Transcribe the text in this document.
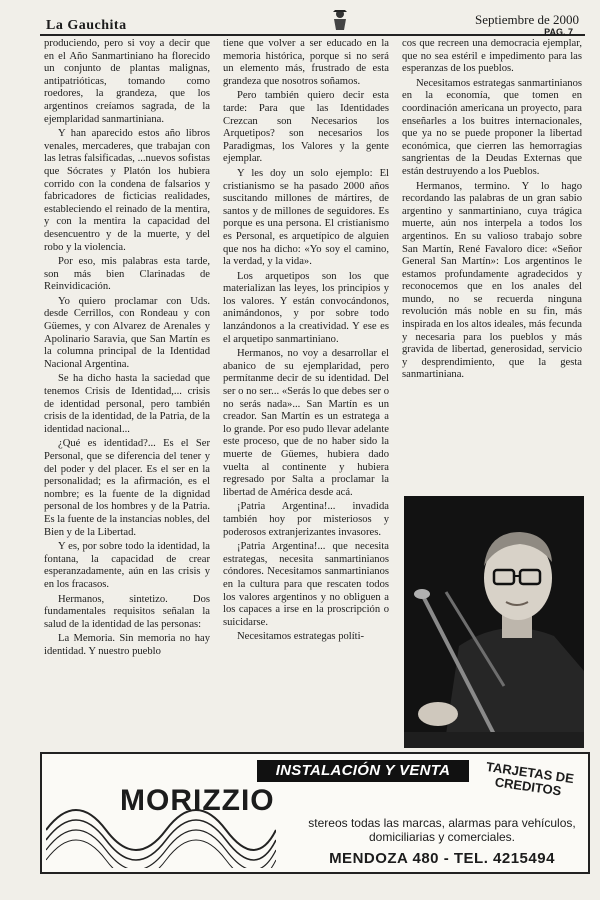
La Gauchita	Septiembre de 2000
PAG. 7

produciendo, pero si voy a decir que en el Año Sanmartiniano ha florecido un conjunto de plantas malignas, antipatrióticas, tomando como roedores, la grandeza, que los argentinos creíamos sagrada, de la ejemplaridad sanmartiniana.

Y han aparecido estos año libros venales, mercaderes, que trabajan con las letras falsificadas, ...nuevos sofistas que Sócrates y Platón los hubiera corrido con la condena de falsarios y fabricadores de ficticias realidades, estableciendo el reinado de la mentira, y con la mentira la capacidad del desencuentro y de la muerte, y del robo y la violencia.

Por eso, mis palabras esta tarde, son más bien Clarinadas de Reinvidicación.

Yo quiero proclamar con Uds. desde Cerrillos, con Rondeau y con Güemes, y con Alvarez de Arenales y Apolinario Saravia, que San Martín es la columna principal de la Identidad Nacional Argentina.

Se ha dicho hasta la saciedad que tenemos Crisis de Identidad,... crisis de identidad personal, pero también crisis de la identidad, de la Patria, de la identidad nacional...

¿Qué es identidad?... Es el Ser Personal, que se diferencia del tener y del poder y del placer. Es el ser en la personalidad; es la afirmación, es el nombre; es la fuente de la dignidad personal de los hombres y de la Patria. Es la fuente de la instancias nobles, del Bien y de la Libertad.

Y es, por sobre todo la identidad, la fontana, la capacidad de crear esperanzadamente, aún en las crisis y en los fracasos.

Hermanos, sintetizo. Dos fundamentales requisitos señalan la salud de la identidad de las personas:

La Memoria. Sin memoria no hay identidad. Y nuestro pueblo

tiene que volver a ser educado en la memoria histórica, porque si no será un elemento más, frustrado de esta grandeza que nosotros soñamos.

Pero también quiero decir esta tarde: Para que las Identidades Crezcan son Necesarios los Arquetipos? son necesarios los Paradigmas, los Valores y la gente ejemplar.

Y les doy un solo ejemplo: El cristianismo se ha pasado 2000 años suscitando millones de mártires, de santos y de millones de seguidores. Es porque es una persona. El cristianismo es Personal, es arquetípico de alguien que nos ha dicho: «Yo soy el camino, la verdad, y la vida».

Los arquetipos son los que materializan las leyes, los principios y los valores. Y están convocándonos, animándonos, y por sobre todo lanzándonos a la creatividad. Y ese es el arquetipo sanmartiniano.

Hermanos, no voy a desarrollar el abanico de su ejemplaridad, pero permítanme decir de su identidad. Del ser o no ser... «Serás lo que debes ser o no serás nada»... San Martín es un creador. San Martín es un estratega a lo grande. Por eso pudo llevar adelante este proceso, que de no haber sido la muerte de Güemes, hubiera dado vuelta al continente y hubiera regresado por Salta a proclamar la libertad de América desde acá.

¡Patria Argentina!... invadida también hoy por misteriosos y poderosos extranjerizantes invasores.

¡Patria Argentina!... que necesita estrategas, necesita sanmartinianos cóndores. Necesitamos sanmartinianos en la cultura para que rescaten todos los valores argentinos y no obliguen a los capaces a irse en la proscripción o suicidarse.

Necesitamos estrategas políti-

cos que recreen una democracia ejemplar, que no sea estéril e impedimento para las esperanzas de los pueblos.

Necesitamos estrategas sanmartinianos en la economía, que tomen en coordinación americana un proyecto, para enseñarles a los buitres internacionales, que ya no se puede proponer la libertad económica, que cierren las hemorragias sangrientas de la Deudas Externas que están destruyendo a los Pueblos.

Hermanos, termino. Y lo hago recordando las palabras de un gran sabio argentino y sanmartiniano, cuya trágica muerte, aún nos interpela a todos los argentinos. En su valioso trabajo sobre San Martín, René Favaloro dice: «Señor General San Martín»: Los argentinos le estamos profundamente agradecidos y reconocemos que en los anales del mundo, no se recuerda ninguna revolución más noble en su fin, más inspirada en los altos ideales, más fecunda y necesaria para los pueblos y más gravida de libertad, generosidad, servicio y desprendimiento, que la gesta sanmartiniana.

INSTALACIÓN Y VENTA
MORIZZIO
TARJETAS DE CREDITOS
stereos todas las marcas, alarmas para vehículos, domiciliarias y comerciales.
MENDOZA 480 - TEL. 4215494
